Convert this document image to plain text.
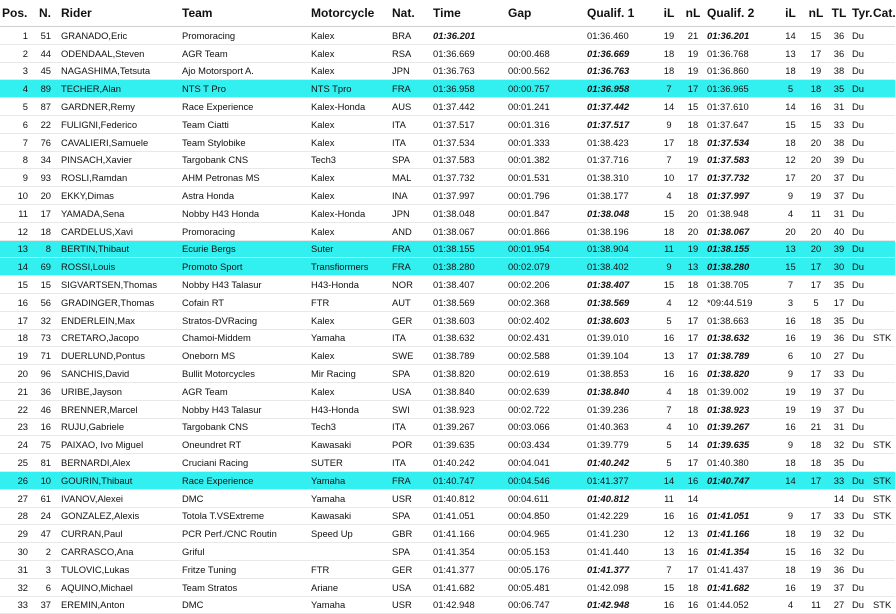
Pos.	N.	Rider	Team	Motorcycle	Nat.	Time	Gap	Qualif. 1	iL	nL	Qualif. 2	iL	nL	TL	Tyr.	Cat.
1	51	GRANADO,Eric	Promoracing	Kalex	BRA	01:36.201		01:36.460	19	21	01:36.201	14	15	36	Du	
2	44	ODENDAAL,Steven	AGR Team	Kalex	RSA	01:36.669	00:00.468	01:36.669	18	19	01:36.768	13	17	36	Du	
3	45	NAGASHIMA,Tetsuta	Ajo Motorsport A.	Kalex	JPN	01:36.763	00:00.562	01:36.763	18	19	01:36.860	18	19	38	Du	
4	89	TECHER,Alan	NTS T Pro	NTS Tpro	FRA	01:36.958	00:00.757	01:36.958	7	17	01:36.965	5	18	35	Du	
5	87	GARDNER,Remy	Race Experience	Kalex-Honda	AUS	01:37.442	00:01.241	01:37.442	14	15	01:37.610	14	16	31	Du	
6	22	FULIGNI,Federico	Team Ciatti	Kalex	ITA	01:37.517	00:01.316	01:37.517	9	18	01:37.647	15	15	33	Du	
7	76	CAVALIERI,Samuele	Team Stylobike	Kalex	ITA	01:37.534	00:01.333	01:38.423	17	18	01:37.534	18	20	38	Du	
8	34	PINSACH,Xavier	Targobank CNS	Tech3	SPA	01:37.583	00:01.382	01:37.716	7	19	01:37.583	12	20	39	Du	
9	93	ROSLI,Ramdan	AHM Petronas MS	Kalex	MAL	01:37.732	00:01.531	01:38.310	10	17	01:37.732	17	20	37	Du	
10	20	EKKY,Dimas	Astra Honda	Kalex	INA	01:37.997	00:01.796	01:38.177	4	18	01:37.997	9	19	37	Du	
11	17	YAMADA,Sena	Nobby H43 Honda	Kalex-Honda	JPN	01:38.048	00:01.847	01:38.048	15	20	01:38.948	4	11	31	Du	
12	18	CARDELUS,Xavi	Promoracing	Kalex	AND	01:38.067	00:01.866	01:38.196	18	20	01:38.067	20	20	40	Du	
13	8	BERTIN,Thibaut	Ecurie Bergs	Suter	FRA	01:38.155	00:01.954	01:38.904	11	19	01:38.155	13	20	39	Du	
14	69	ROSSI,Louis	Promoto Sport	Transfiormers	FRA	01:38.280	00:02.079	01:38.402	9	13	01:38.280	15	17	30	Du	
15	15	SIGVARTSEN,Thomas	Nobby H43 Talasur	H43-Honda	NOR	01:38.407	00:02.206	01:38.407	15	18	01:38.705	7	17	35	Du	
16	56	GRADINGER,Thomas	Cofain RT	FTR	AUT	01:38.569	00:02.368	01:38.569	4	12	*09:44.519	3	5	17	Du	
17	32	ENDERLEIN,Max	Stratos-DVRacing	Kalex	GER	01:38.603	00:02.402	01:38.603	5	17	01:38.663	16	18	35	Du	
18	73	CRETARO,Jacopo	Chamoi-Middem	Yamaha	ITA	01:38.632	00:02.431	01:39.010	16	17	01:38.632	16	19	36	Du	STK
19	71	DUERLUND,Pontus	Oneborn MS	Kalex	SWE	01:38.789	00:02.588	01:39.104	13	17	01:38.789	6	10	27	Du	
20	96	SANCHIS,David	Bullit Motorcycles	Mir Racing	SPA	01:38.820	00:02.619	01:38.853	16	16	01:38.820	9	17	33	Du	
21	36	URIBE,Jayson	AGR Team	Kalex	USA	01:38.840	00:02.639	01:38.840	4	18	01:39.002	19	19	37	Du	
22	46	BRENNER,Marcel	Nobby H43 Talasur	H43-Honda	SWI	01:38.923	00:02.722	01:39.236	7	18	01:38.923	19	19	37	Du	
23	16	RUJU,Gabriele	Targobank CNS	Tech3	ITA	01:39.267	00:03.066	01:40.363	4	10	01:39.267	16	21	31	Du	
24	75	PAIXAO, Ivo Miguel	Oneundret RT	Kawasaki	POR	01:39.635	00:03.434	01:39.779	5	14	01:39.635	9	18	32	Du	STK
25	81	BERNARDI,Alex	Cruciani Racing	SUTER	ITA	01:40.242	00:04.041	01:40.242	5	17	01:40.380	18	18	35	Du	
26	10	GOURIN,Thibaut	Race Experience	Yamaha	FRA	01:40.747	00:04.546	01:41.377	14	16	01:40.747	14	17	33	Du	STK
27	61	IVANOV,Alexei	DMC	Yamaha	USR	01:40.812	00:04.611	01:40.812	11	14				14	Du	STK
28	24	GONZALEZ,Alexis	Totola T.VSExtreme	Kawasaki	SPA	01:41.051	00:04.850	01:42.229	16	16	01:41.051	9	17	33	Du	STK
29	47	CURRAN,Paul	PCR Perf./CNC Routin	Speed Up	GBR	01:41.166	00:04.965	01:41.230	12	13	01:41.166	18	19	32	Du	
30	2	CARRASCO,Ana	Griful		SPA	01:41.354	00:05.153	01:41.440	13	16	01:41.354	15	16	32	Du	
31	3	TULOVIC,Lukas	Fritze Tuning	FTR	GER	01:41.377	00:05.176	01:41.377	7	17	01:41.437	18	19	36	Du	
32	6	AQUINO,Michael	Team Stratos	Ariane	USA	01:41.682	00:05.481	01:42.098	15	18	01:41.682	16	19	37	Du	
33	37	EREMIN,Anton	DMC	Yamaha	USR	01:42.948	00:06.747	01:42.948	16	16	01:44.052	4	11	27	Du	STK
